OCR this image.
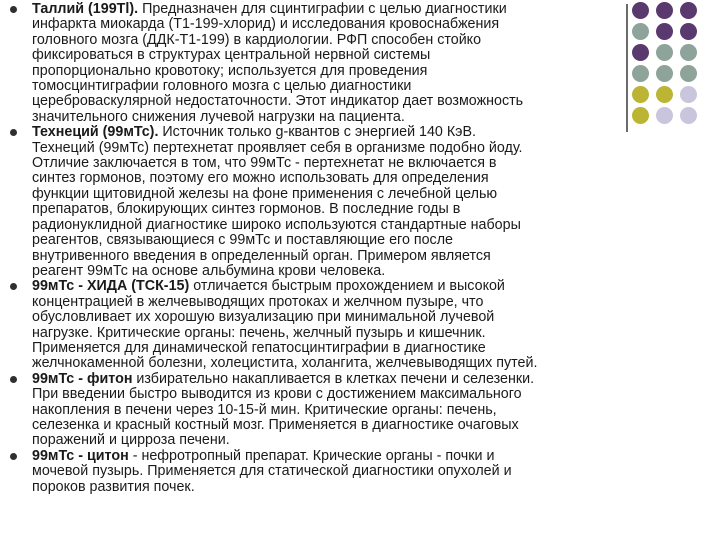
Таллий (199Tl). Предназначен для сцинтиграфии с целью диагностики
инфаркта миокарда (Т1-199-хлорид) и исследования кровоснабжения
головного мозга (ДДК-Т1-199) в кардиологии. РФП способен стойко
фиксироваться в структурах центральной нервной системы
пропорционально кровотоку; используется для проведения
томосцинтиграфии головного мозга с целью диагностики
цереброваскулярной недостаточности. Этот индикатор дает возможность
значительного снижения лучевой нагрузки на пациента.
Технеций (99мТс). Источник только g-квантов с энергией 140 КэВ.
Технеций (99мТс) пертехнетат проявляет себя в организме подобно йоду.
Отличие заключается в том, что 99мТс - пертехнетат не включается в
синтез гормонов, поэтому его можно использовать для определения
функции щитовидной железы на фоне применения с лечебной целью
препаратов, блокирующих синтез гормонов. В последние годы в
радионуклидной диагностике широко используются стандартные наборы
реагентов, связывающиеся с 99мТс и поставляющие его после
внутривенного введения в определенный орган. Примером является
реагент 99мТс на основе альбумина крови человека.
99мТс - ХИДА (ТСК-15) отличается быстрым прохождением и высокой
концентрацией в желчевыводящих протоках и желчном пузыре, что
обусловливает их хорошую визуализацию при минимальной лучевой
нагрузке. Критические органы: печень, желчный пузырь и кишечник.
Применяется для динамической гепатосцинтиграфии в диагностике
желчнокаменной болезни, холецистита, холангита, желчевыводящих путей.
99мТс - фитон избирательно накапливается в клетках печени и селезенки.
При введении быстро выводится из крови с достижением максимального
накопления в печени через 10-15-й мин. Критические органы: печень,
селезенка и красный костный мозг. Применяется в диагностике очаговых
поражений и цирроза печени.
99мТс - цитон - нефротропный препарат. Крические органы - почки и
мочевой пузырь. Применяется для статической диагностики опухолей и
пороков развития почек.
